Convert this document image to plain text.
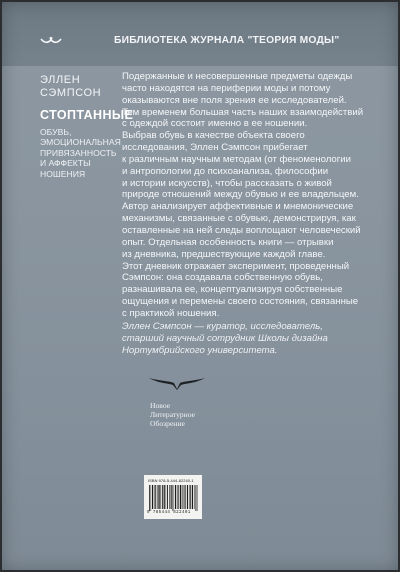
БИБЛИОТЕКА ЖУРНАЛА "ТЕОРИЯ МОДЫ"
ЭЛЛЕН
СЭМПСОН
СТОПТАННЫЕ
ОБУВЬ,
ЭМОЦИОНАЛЬНАЯ
ПРИВЯЗАННОСТЬ
И АФФЕКТЫ
НОШЕНИЯ

Подержанные и несовершенные предметы одежды

часто находятся на периферии моды и потому

оказываются вне поля зрения ее исследователей.

Тем временем большая часть наших взаимодействий

с одеждой состоит именно в ее ношении.

Выбрав обувь в качестве объекта своего

исследования, Эллен Сэмпсон прибегает

к различным научным методам (от феноменологии

и антропологии до психоанализа, философии

и истории искусств), чтобы рассказать о живой

природе отношений между обувью и ее владельцем.

Автор анализирует аффективные и мнемонические

механизмы, связанные с обувью, демонстрируя, как

оставленные на ней следы воплощают человеческий

опыт. Отдельная особенность книги — отрывки

из дневника, предшествующие каждой главе.

Этот дневник отражает эксперимент, проведенный

Сэмпсон: она создавала собственную обувь,

разнашивала ее, концептуализируя собственные

ощущения и перемены своего состояния, связанные

с практикой ношения.

Эллен Сэмпсон — куратор, исследователь,
старший научный сотрудник Школы дизайна
Нортумбрийского университета.
Новое
Литературное
Обозрение
ISBN 978-5-444-82240-1
9 785444 822401
